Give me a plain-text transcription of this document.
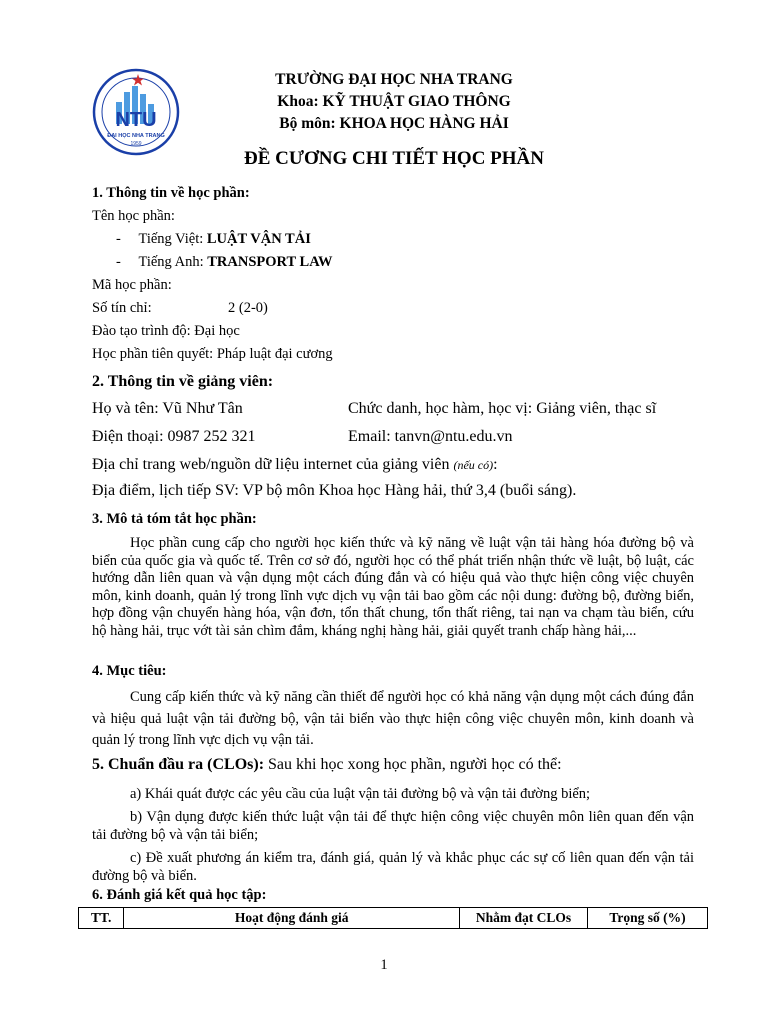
NTU
ĐẠI HỌC NHA TRANG
1959
TRƯỜNG ĐẠI HỌC NHA TRANG
Khoa: KỸ THUẬT GIAO THÔNG
Bộ môn: KHOA HỌC HÀNG HẢI
ĐỀ CƯƠNG CHI TIẾT HỌC PHẦN
1. Thông tin về học phần:
Tên học phần:
- Tiếng Việt: LUẬT VẬN TẢI
- Tiếng Anh: TRANSPORT LAW
Mã học phần:
Số tín chỉ:	2 (2-0)
Đào tạo trình độ: Đại học
Học phần tiên quyết: Pháp luật đại cương
2. Thông tin về giảng viên:
Họ và tên: Vũ Như Tân	Chức danh, học hàm, học vị: Giảng viên, thạc sĩ
Điện thoại: 0987 252 321	Email: tanvn@ntu.edu.vn
Địa chỉ trang web/nguồn dữ liệu internet của giảng viên (nếu có):
Địa điểm, lịch tiếp SV: VP bộ môn Khoa học Hàng hải, thứ 3,4 (buổi sáng).
3. Mô tả tóm tắt học phần:
Học phần cung cấp cho người học kiến thức và kỹ năng về luật vận tải hàng hóa đường bộ và biển của quốc gia và quốc tế. Trên cơ sở đó, người học có thể phát triển nhận thức về luật, bộ luật, các hướng dẫn liên quan và vận dụng một cách đúng đắn và có hiệu quả vào thực hiện công việc chuyên môn, kinh doanh, quản lý trong lĩnh vực dịch vụ vận tải bao gồm các nội dung: đường bộ, đường biển, hợp đồng vận chuyển hàng hóa, vận đơn, tổn thất chung, tổn thất riêng, tai nạn va chạm tàu biển, cứu hộ hàng hải, trục vớt tài sản chìm đắm, kháng nghị hàng hải, giải quyết tranh chấp hàng hải,...
4. Mục tiêu:
Cung cấp kiến thức và kỹ năng cần thiết để người học có khả năng vận dụng một cách đúng đắn và hiệu quả luật vận tải đường bộ, vận tải biển vào thực hiện công việc chuyên môn, kinh doanh và quản lý trong lĩnh vực dịch vụ vận tải.
5. Chuẩn đầu ra (CLOs): Sau khi học xong học phần, người học có thể:
a) Khái quát được các yêu cầu của luật vận tải đường bộ và vận tải đường biển;
b) Vận dụng được kiến thức luật vận tải để thực hiện công việc chuyên môn liên quan đến vận tải đường bộ và vận tải biển;
c) Đề xuất phương án kiểm tra, đánh giá, quản lý và khắc phục các sự cố liên quan đến vận tải đường bộ và biển.
6. Đánh giá kết quả học tập:
TT.	Hoạt động đánh giá	Nhằm đạt CLOs	Trọng số (%)
1
